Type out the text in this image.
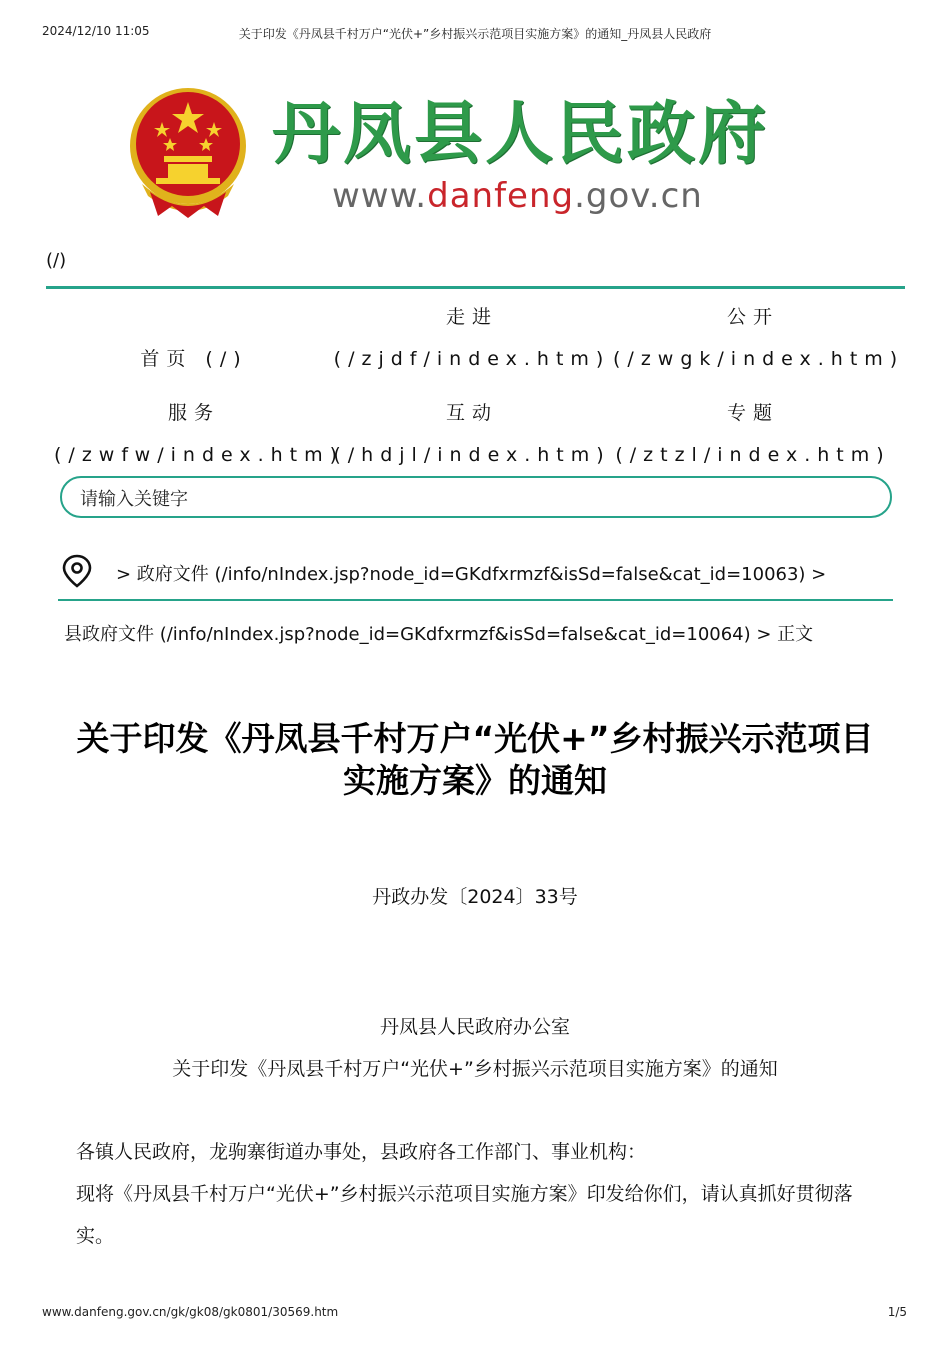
2024/12/10 11:05	关于印发《丹凤县千村万户“光伏+”乡村振兴示范项目实施方案》的通知_丹凤县人民政府
丹凤县人民政府
www.danfeng.gov.cn
(/)
走进	公开
首页 (/)	(/zjdf/index.htm) (/zwgk/index.htm)
服务	互动	专题
(/zwfw/index.htm)
(/hdjl/index.htm) (/ztzl/index.htm)
请输入关键字
> 政府文件 (/info/nIndex.jsp?node_id=GKdfxrmzf&isSd=false&cat_id=10063) >
县政府文件 (/info/nIndex.jsp?node_id=GKdfxrmzf&isSd=false&cat_id=10064) > 正文
关于印发《丹凤县千村万户“光伏+”乡村振兴示范项目
实施方案》的通知
丹政办发〔2024〕33号
丹凤县人民政府办公室
关于印发《丹凤县千村万户“光伏+”乡村振兴示范项目实施方案》的通知
各镇人民政府，龙驹寨街道办事处，县政府各工作部门、事业机构：
现将《丹凤县千村万户“光伏+”乡村振兴示范项目实施方案》印发给你们，请认真抓好贯彻落实。
www.danfeng.gov.cn/gk/gk08/gk0801/30569.htm	1/5
